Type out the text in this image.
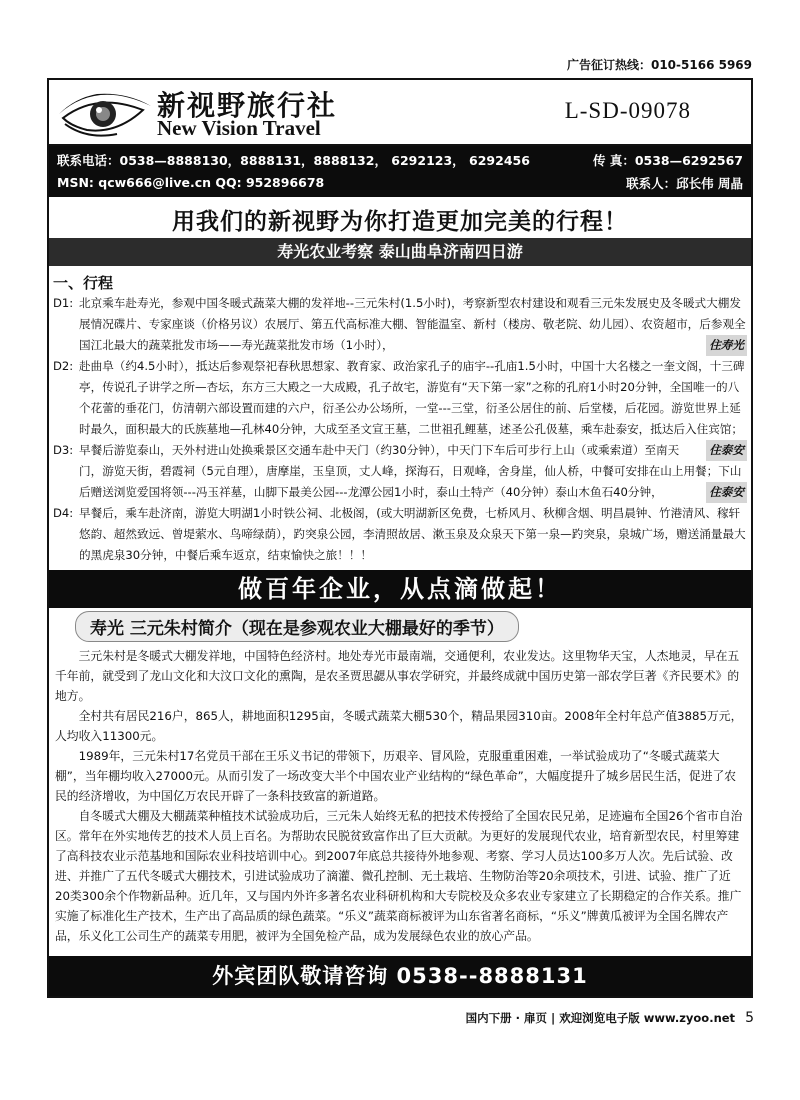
广告征订热线：010-5166 5969
新视野旅行社
New Vision Travel
L-SD-09078
联系电话：0538—8888130，8888131，8888132， 6292123， 6292456	传 真：0538—6292567
MSN: qcw666@live.cn QQ: 952896678	联系人：邱长伟 周晶
用我们的新视野为你打造更加完美的行程！
寿光农业考察 泰山曲阜济南四日游
一、行程
D1: 北京乘车赴寿光，参观中国冬暖式蔬菜大棚的发祥地--三元朱村(1.5小时)，考察新型农村建设和观看三元朱发展史及冬暖式大棚发展情况碟片、专家座谈（价格另议）农展厅、第五代高标准大棚、智能温室、新村（楼房、敬老院、幼儿园）、农资超市，后参观全国江北最大的蔬菜批发市场——寿光蔬菜批发市场（1小时），	住寿光
D2: 赴曲阜（约4.5小时），抵达后参观祭祀春秋思想家、教育家、政治家孔子的庙宇--孔庙1.5小时，中国十大名楼之一奎文阁，十三碑亭，传说孔子讲学之所—杏坛，东方三大殿之一大成殿，孔子故宅，游览有“天下第一家”之称的孔府1小时20分钟，全国唯一的八个花蕾的垂花门，仿清朝六部设置而建的六户，衍圣公办公场所，一堂---三堂，衍圣公居住的前、后堂楼，后花园。游览世界上延时最久，面积最大的氏族墓地—孔林40分钟，大成至圣文宣王墓，二世祖孔鲤墓，述圣公孔伋墓，乘车赴泰安，抵达后入住宾馆；
住泰安
D3: 早餐后游览泰山，天外村进山处换乘景区交通车赴中天门（约30分钟），中天门下车后可步行上山（或乘索道）至南天门，游览天街，碧霞祠（5元自理），唐摩崖，玉皇顶，丈人峰，探海石，日观峰，舍身崖，仙人桥，中餐可安排在山上用餐；下山后赠送浏览爱国将领---冯玉祥墓，山脚下最美公园---龙潭公园1小时，泰山土特产（40分钟）泰山木鱼石40分钟，	住泰安
D4: 早餐后，乘车赴济南，游览大明湖1小时铁公祠、北极阁，(或大明湖新区免费，七桥风月、秋柳含烟、明昌晨钟、竹港清风、稼轩悠韵、超然致远、曾堤萦水、鸟啼绿荫），趵突泉公园，李清照故居、漱玉泉及众泉天下第一泉—趵突泉，泉城广场，赠送涌量最大的黑虎泉30分钟，中餐后乘车返京，结束愉快之旅！！！
做百年企业，从点滴做起！
寿光 三元朱村简介（现在是参观农业大棚最好的季节）

三元朱村是冬暖式大棚发祥地，中国特色经济村。地处寿光市最南端，交通便利，农业发达。这里物华天宝，人杰地灵，早在五千年前，就受到了龙山文化和大汶口文化的熏陶，是农圣贾思勰从事农学研究，并最终成就中国历史第一部农学巨著《齐民要术》的地方。

全村共有居民216户，865人，耕地面积1295亩，冬暖式蔬菜大棚530个，精品果园310亩。2008年全村年总产值3885万元，人均收入11300元。

1989年，三元朱村17名党员干部在王乐义书记的带领下，历艰辛、冒风险，克服重重困难，一举试验成功了“冬暖式蔬菜大棚”，当年棚均收入27000元。从而引发了一场改变大半个中国农业产业结构的“绿色革命”，大幅度提升了城乡居民生活，促进了农民的经济增收，为中国亿万农民开辟了一条科技致富的新道路。

自冬暖式大棚及大棚蔬菜种植技术试验成功后，三元朱人始终无私的把技术传授给了全国农民兄弟，足迹遍布全国26个省市自治区。常年在外实地传艺的技术人员上百名。为帮助农民脱贫致富作出了巨大贡献。为更好的发展现代农业，培育新型农民，村里筹建了高科技农业示范基地和国际农业科技培训中心。到2007年底总共接待外地参观、考察、学习人员达100多万人次。先后试验、改进、并推广了五代冬暖式大棚技术，引进试验成功了滴灌、微孔控制、无土栽培、生物防治等20余项技术，引进、试验、推广了近20类300余个作物新品种。近几年，又与国内外许多著名农业科研机构和大专院校及众多农业专家建立了长期稳定的合作关系。推广实施了标准化生产技术，生产出了高品质的绿色蔬菜。“乐义”蔬菜商标被评为山东省著名商标，“乐义”牌黄瓜被评为全国名牌农产品，乐义化工公司生产的蔬菜专用肥，被评为全国免检产品，成为发展绿色农业的放心产品。

外宾团队敬请咨询 0538--8888131
国内下册 · 扉页 | 欢迎浏览电子版 www.zyoo.net 5
